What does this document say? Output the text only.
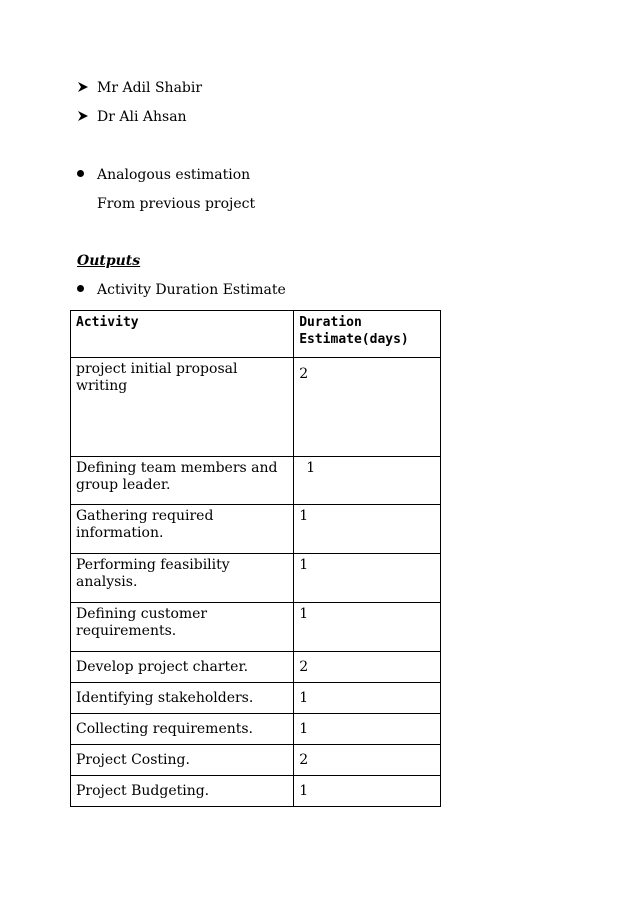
Mr Adil Shabir
Dr Ali Ahsan
Analogous estimation
From previous project
Outputs
Activity Duration Estimate
Activity	Duration Estimate(days)
project initial proposal writing	2
Defining team members and group leader.	1
Gathering required information.	1
Performing feasibility analysis.	1
Defining customer requirements.	1
Develop project charter.	2
Identifying stakeholders.	1
Collecting requirements.	1
Project Costing.	2
Project Budgeting.	1
